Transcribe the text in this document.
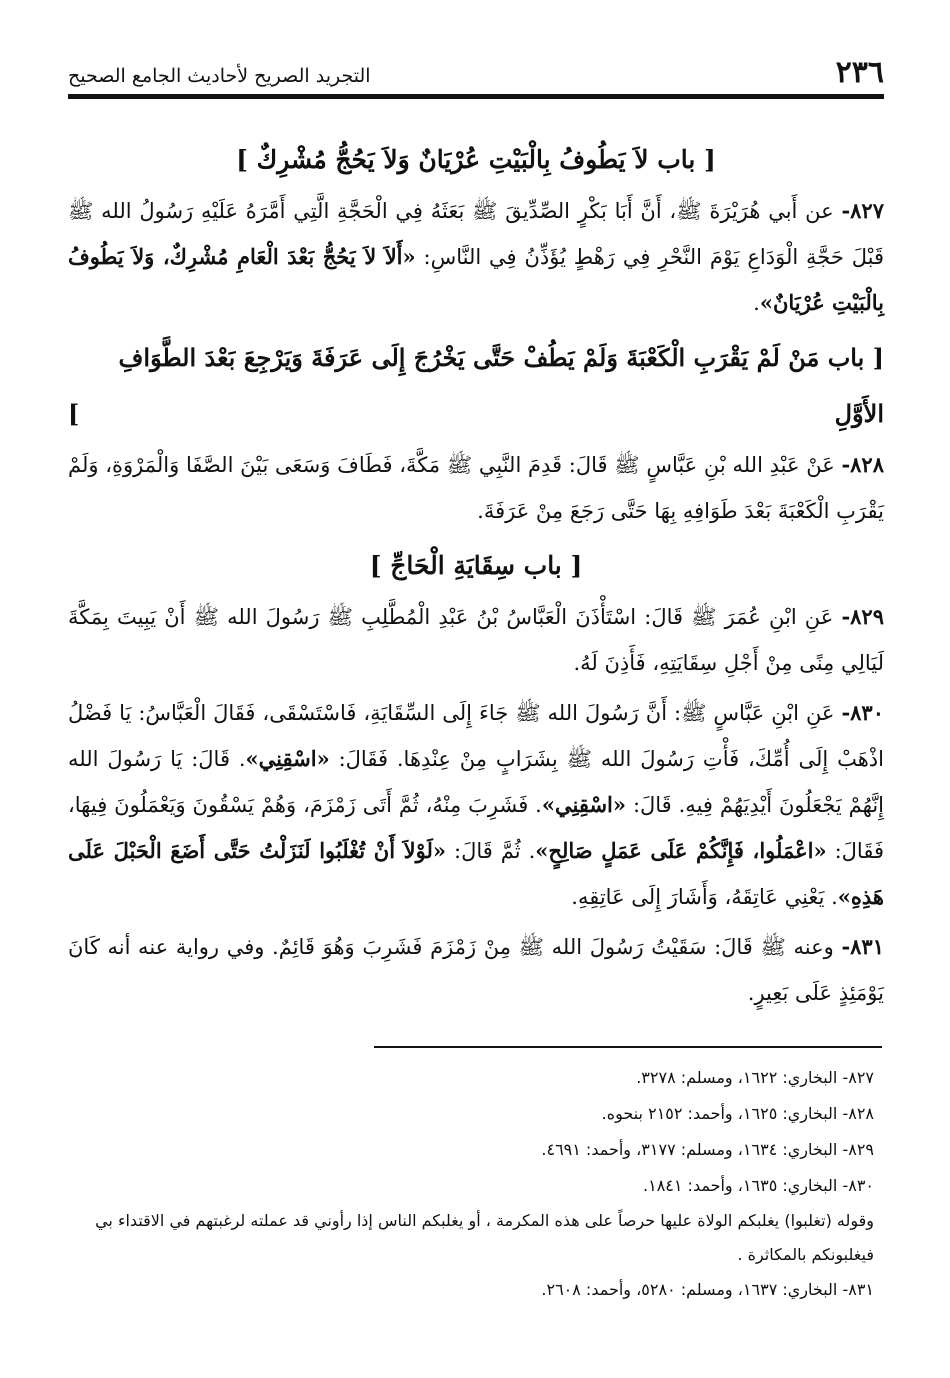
٢٣٦
التجريد الصريح لأحاديث الجامع الصحيح

[ باب لاَ يَطُوفُ بِالْبَيْتِ عُرْيَانٌ وَلاَ يَحُجُّ مُشْرِكٌ ]

٨٢٧- عن أَبي هُرَيْرَةَ ﷺ، أَنَّ أَبَا بَكْرٍ الصِّدِّيقَ ﷺ بَعَثَهُ فِي الْحَجَّةِ الَّتِي أَمَّرَهُ عَلَيْهِ رَسُولُ الله ﷺ قَبْلَ حَجَّةِ الْوَدَاعِ يَوْمَ النَّحْرِ فِي رَهْطٍ يُؤَذِّنُ فِي النَّاسِ: «أَلاَ لاَ يَحُجُّ بَعْدَ الْعَامِ مُشْرِكٌ، وَلاَ يَطُوفُ بِالْبَيْتِ عُرْيَانٌ».

[ باب مَنْ لَمْ يَقْرَبِ الْكَعْبَةَ وَلَمْ يَطُفْ حَتَّى يَخْرُجَ إِلَى عَرَفَةَ وَيَرْجِعَ بَعْدَ الطَّوَافِ الأَوَّلِ ]

٨٢٨- عَنْ عَبْدِ الله بْنِ عَبَّاسٍ ﷺ قَالَ: قَدِمَ النَّبِي ﷺ مَكَّةَ، فَطَافَ وَسَعَى بَيْنَ الصَّفَا وَالْمَرْوَةِ، وَلَمْ يَقْرَبِ الْكَعْبَةَ بَعْدَ طَوَافِهِ بِهَا حَتَّى رَجَعَ مِنْ عَرَفَةَ.

[ باب سِقَايَةِ الْحَاجِّ ]

٨٢٩- عَنِ ابْنِ عُمَرَ ﷺ قَالَ: اسْتَأْذَنَ الْعَبَّاسُ بْنُ عَبْدِ الْمُطَّلِبِ ﷺ رَسُولَ الله ﷺ أَنْ يَبِيتَ بِمَكَّةَ لَيَالِي مِنًى مِنْ أَجْلِ سِقَايَتِهِ، فَأَذِنَ لَهُ.

٨٣٠- عَنِ ابْنِ عَبَّاسٍ ﷺ: أَنَّ رَسُولَ الله ﷺ جَاءَ إِلَى السِّقَايَةِ، فَاسْتَسْقَى، فَقَالَ الْعَبَّاسُ: يَا فَضْلُ اذْهَبْ إِلَى أُمِّكَ، فَأْتِ رَسُولَ الله ﷺ بِشَرَابٍ مِنْ عِنْدِهَا. فَقَالَ: «اسْقِنِي». قَالَ: يَا رَسُولَ الله إِنَّهُمْ يَجْعَلُونَ أَيْدِيَهُمْ فِيهِ. قَالَ: «اسْقِنِي». فَشَرِبَ مِنْهُ، ثُمَّ أَتَى زَمْزَمَ، وَهُمْ يَسْقُونَ وَيَعْمَلُونَ فِيهَا، فَقَالَ: «اعْمَلُوا، فَإِنَّكُمْ عَلَى عَمَلٍ صَالِحٍ». ثُمَّ قَالَ: «لَوْلاَ أَنْ تُغْلَبُوا لَنَزَلْتُ حَتَّى أَضَعَ الْحَبْلَ عَلَى هَذِهِ». يَعْنِي عَاتِقَهُ، وَأَشَارَ إِلَى عَاتِقِهِ.

٨٣١- وعنه ﷺ قَالَ: سَقَيْتُ رَسُولَ الله ﷺ مِنْ زَمْزَمَ فَشَرِبَ وَهُوَ قَائِمٌ. وفي رواية عنه أنه كَانَ يَوْمَئِذٍ عَلَى بَعِيرٍ.

٨٢٧- البخاري: ١٦٢٢، ومسلم: ٣٢٧٨.

٨٢٨- البخاري: ١٦٢٥، وأحمد: ٢١٥٢ بنحوه.

٨٢٩- البخاري: ١٦٣٤، ومسلم: ٣١٧٧، وأحمد: ٤٦٩١.

٨٣٠- البخاري: ١٦٣٥، وأحمد: ١٨٤١.

وقوله (تغلبوا) يغلبكم الولاة عليها حرصاً على هذه المكرمة ، أو يغلبكم الناس إذا رأوني قد عملته لرغبتهم في الاقتداء بي فيغلبونكم بالمكاثرة .

٨٣١- البخاري: ١٦٣٧، ومسلم: ٥٢٨٠، وأحمد: ٢٦٠٨.
